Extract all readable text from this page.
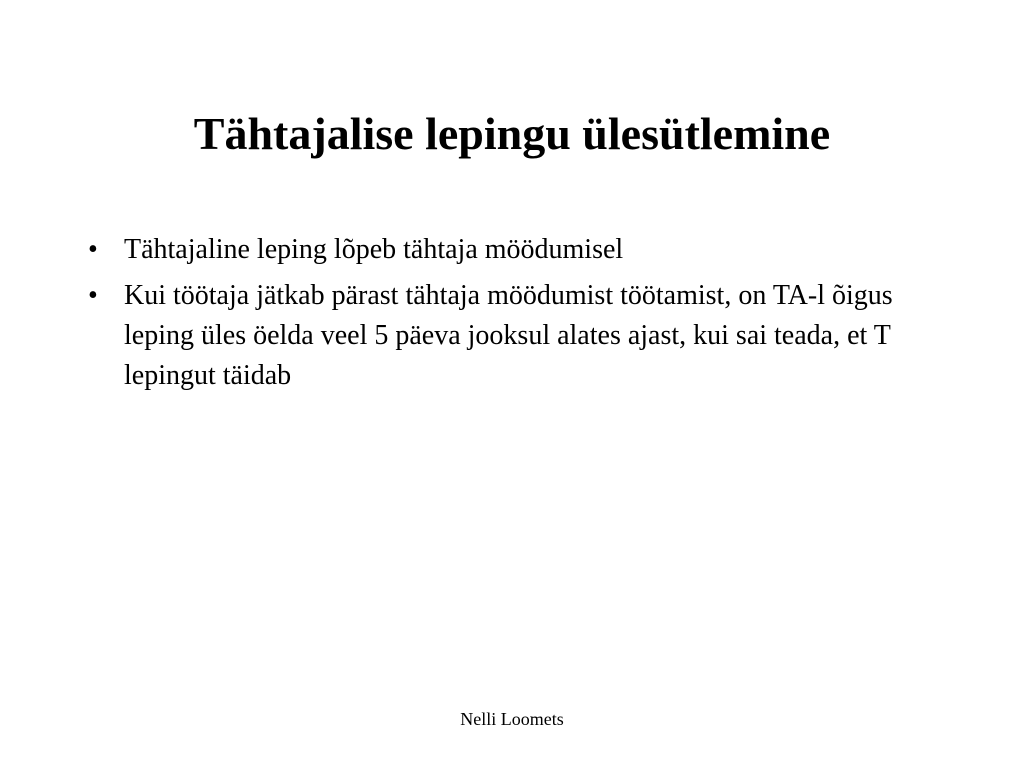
Tähtajalise lepingu ülesütlemine
• Tähtajaline leping lõpeb tähtaja möödumisel
• Kui töötaja jätkab pärast tähtaja möödumist töötamist, on TA-l õigus leping üles öelda veel 5 päeva jooksul alates ajast, kui sai teada, et T lepingut täidab
Nelli Loomets
